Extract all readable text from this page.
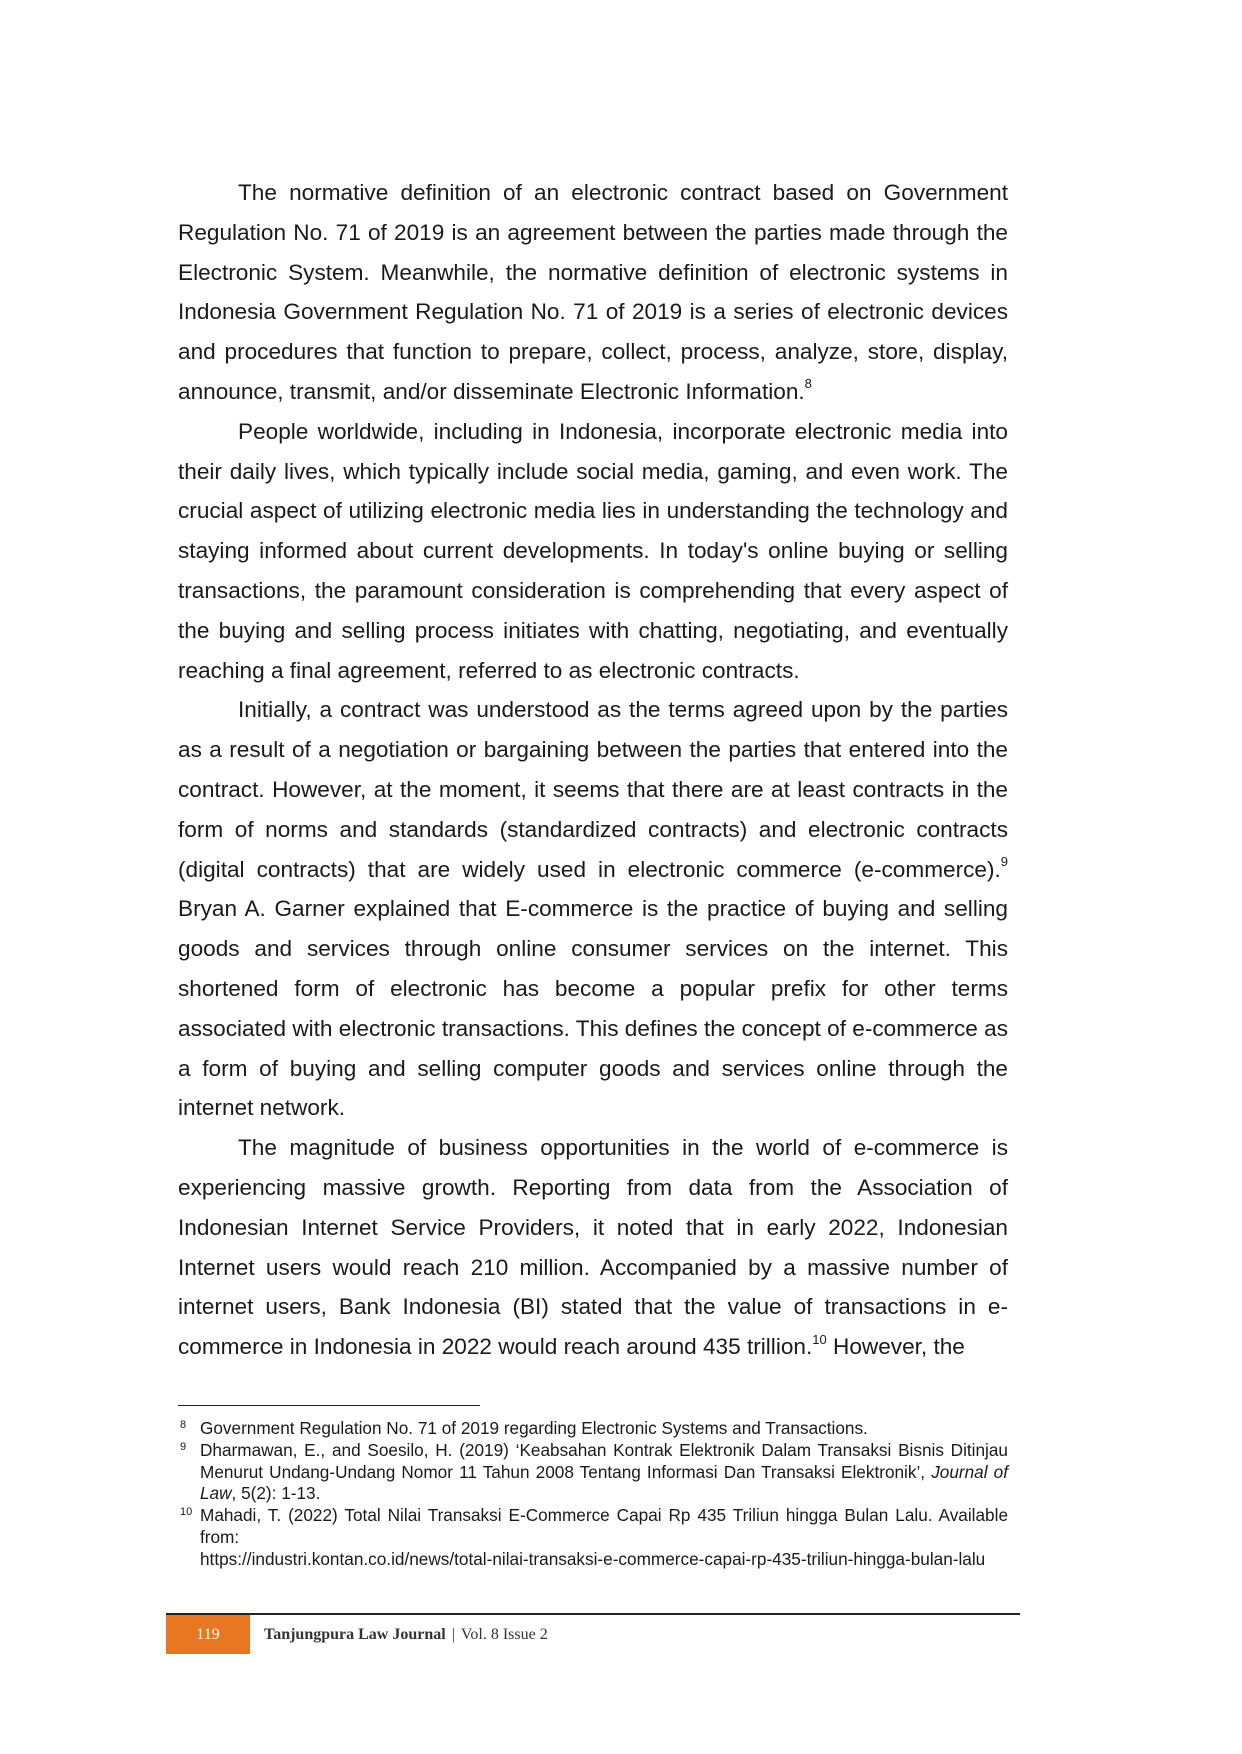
The normative definition of an electronic contract based on Government Regulation No. 71 of 2019 is an agreement between the parties made through the Electronic System. Meanwhile, the normative definition of electronic systems in Indonesia Government Regulation No. 71 of 2019 is a series of electronic devices and procedures that function to prepare, collect, process, analyze, store, display, announce, transmit, and/or disseminate Electronic Information.$^8$

People worldwide, including in Indonesia, incorporate electronic media into their daily lives, which typically include social media, gaming, and even work. The crucial aspect of utilizing electronic media lies in understanding the technology and staying informed about current developments. In today's online buying or selling transactions, the paramount consideration is comprehending that every aspect of the buying and selling process initiates with chatting, negotiating, and eventually reaching a final agreement, referred to as electronic contracts.

Initially, a contract was understood as the terms agreed upon by the parties as a result of a negotiation or bargaining between the parties that entered into the contract. However, at the moment, it seems that there are at least contracts in the form of norms and standards (standardized contracts) and electronic contracts (digital contracts) that are widely used in electronic commerce (e-commerce).$^9$ Bryan A. Garner explained that E-commerce is the practice of buying and selling goods and services through online consumer services on the internet. This shortened form of electronic has become a popular prefix for other terms associated with electronic transactions. This defines the concept of e-commerce as a form of buying and selling computer goods and services online through the internet network.

The magnitude of business opportunities in the world of e-commerce is experiencing massive growth. Reporting from data from the Association of Indonesian Internet Service Providers, it noted that in early 2022, Indonesian Internet users would reach 210 million. Accompanied by a massive number of internet users, Bank Indonesia (BI) stated that the value of transactions in e-commerce in Indonesia in 2022 would reach around 435 trillion.$^{10}$ However, the

8 Government Regulation No. 71 of 2019 regarding Electronic Systems and Transactions.
9 Dharmawan, E., and Soesilo, H. (2019) ‘Keabsahan Kontrak Elektronik Dalam Transaksi Bisnis Ditinjau Menurut Undang-Undang Nomor 11 Tahun 2008 Tentang Informasi Dan Transaksi Elektronik’, Journal of Law, 5(2): 1-13.
10 Mahadi, T. (2022) Total Nilai Transaksi E-Commerce Capai Rp 435 Triliun hingga Bulan Lalu. Available from:
https://industri.kontan.co.id/news/total-nilai-transaksi-e-commerce-capai-rp-435-triliun-hingga-bulan-lalu
119	Tanjungpura Law Journal | Vol. 8 Issue 2
